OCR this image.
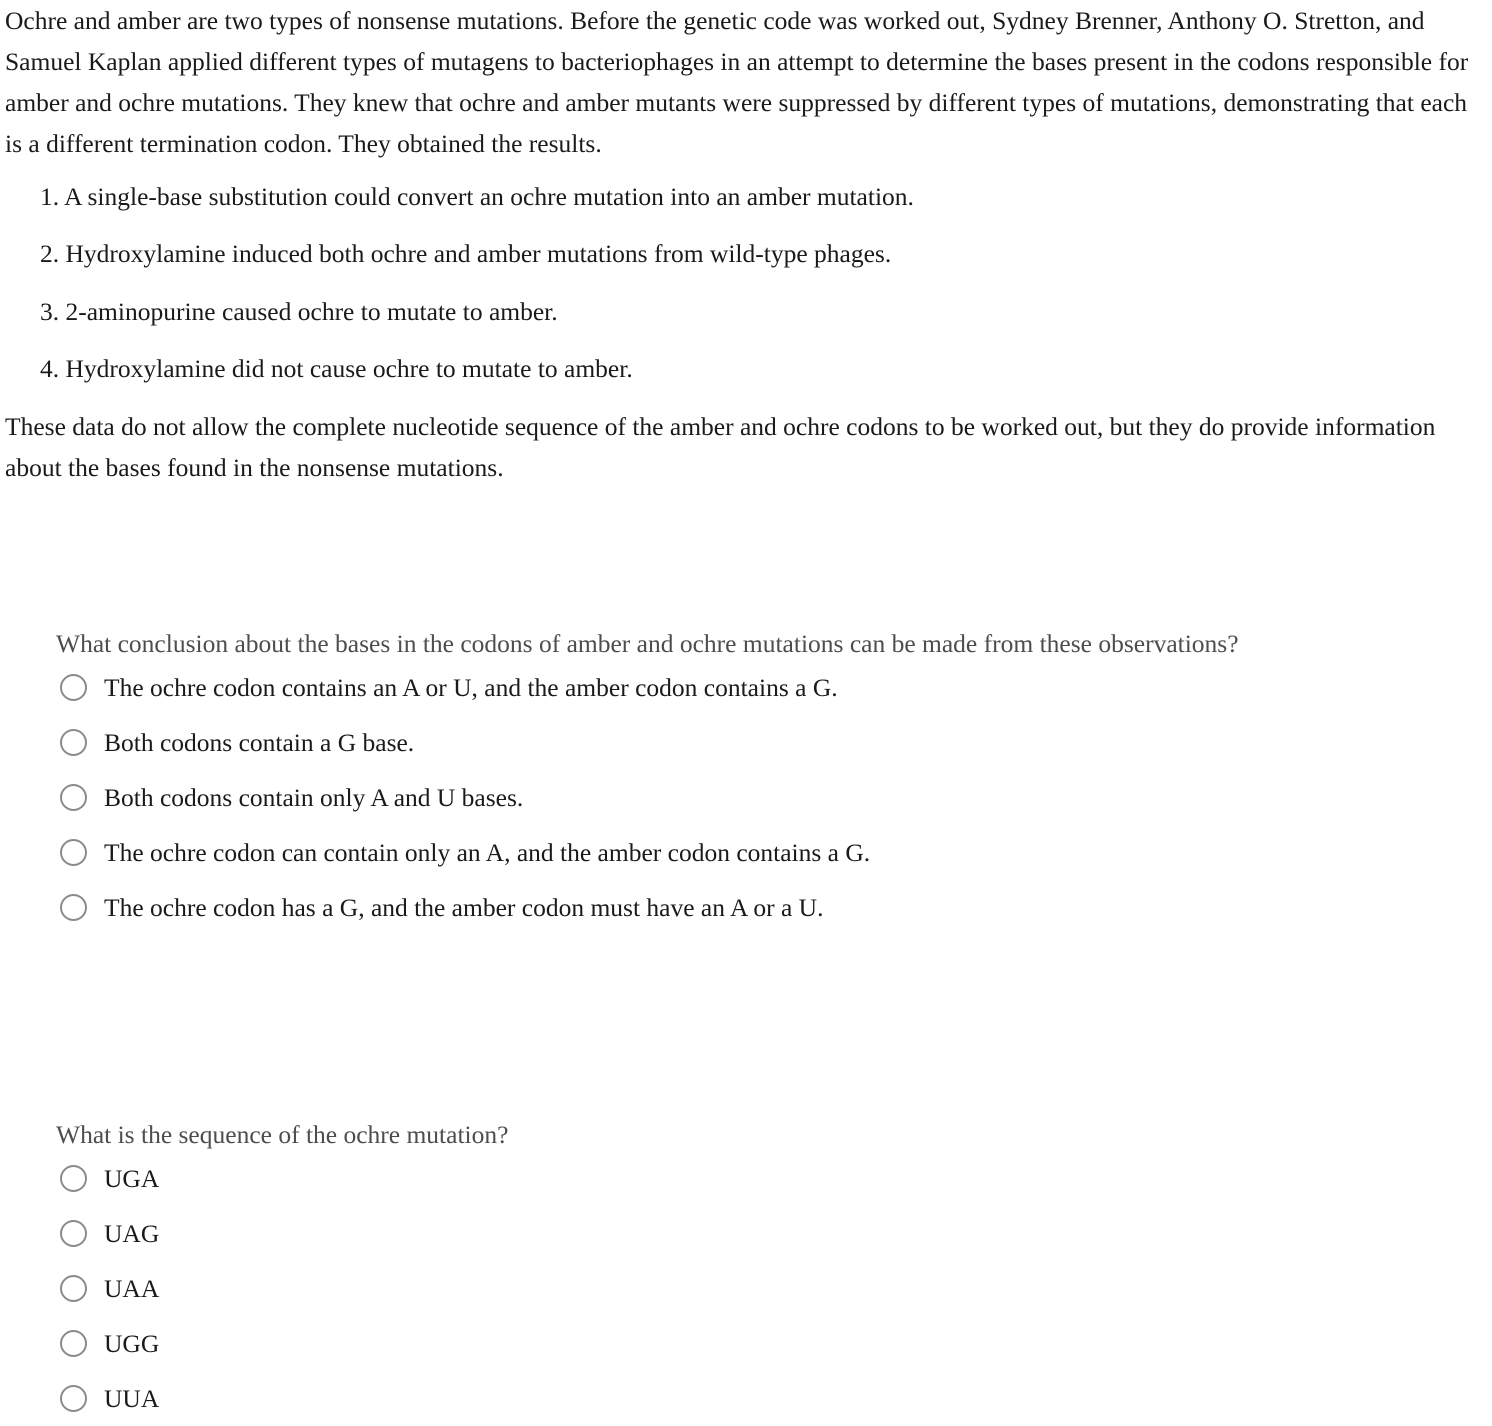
Ochre and amber are two types of nonsense mutations. Before the genetic code was worked out, Sydney Brenner, Anthony O. Stretton, and Samuel Kaplan applied different types of mutagens to bacteriophages in an attempt to determine the bases present in the codons responsible for amber and ochre mutations. They knew that ochre and amber mutants were suppressed by different types of mutations, demonstrating that each is a different termination codon. They obtained the results.

1. A single-base substitution could convert an ochre mutation into an amber mutation.
2. Hydroxylamine induced both ochre and amber mutations from wild-type phages.
3. 2-aminopurine caused ochre to mutate to amber.
4. Hydroxylamine did not cause ochre to mutate to amber.

These data do not allow the complete nucleotide sequence of the amber and ochre codons to be worked out, but they do provide information about the bases found in the nonsense mutations.

What conclusion about the bases in the codons of amber and ochre mutations can be made from these observations?

The ochre codon contains an A or U, and the amber codon contains a G.
Both codons contain a G base.
Both codons contain only A and U bases.
The ochre codon can contain only an A, and the amber codon contains a G.
The ochre codon has a G, and the amber codon must have an A or a U.

What is the sequence of the ochre mutation?

UGA
UAG
UAA
UGG
UUA
